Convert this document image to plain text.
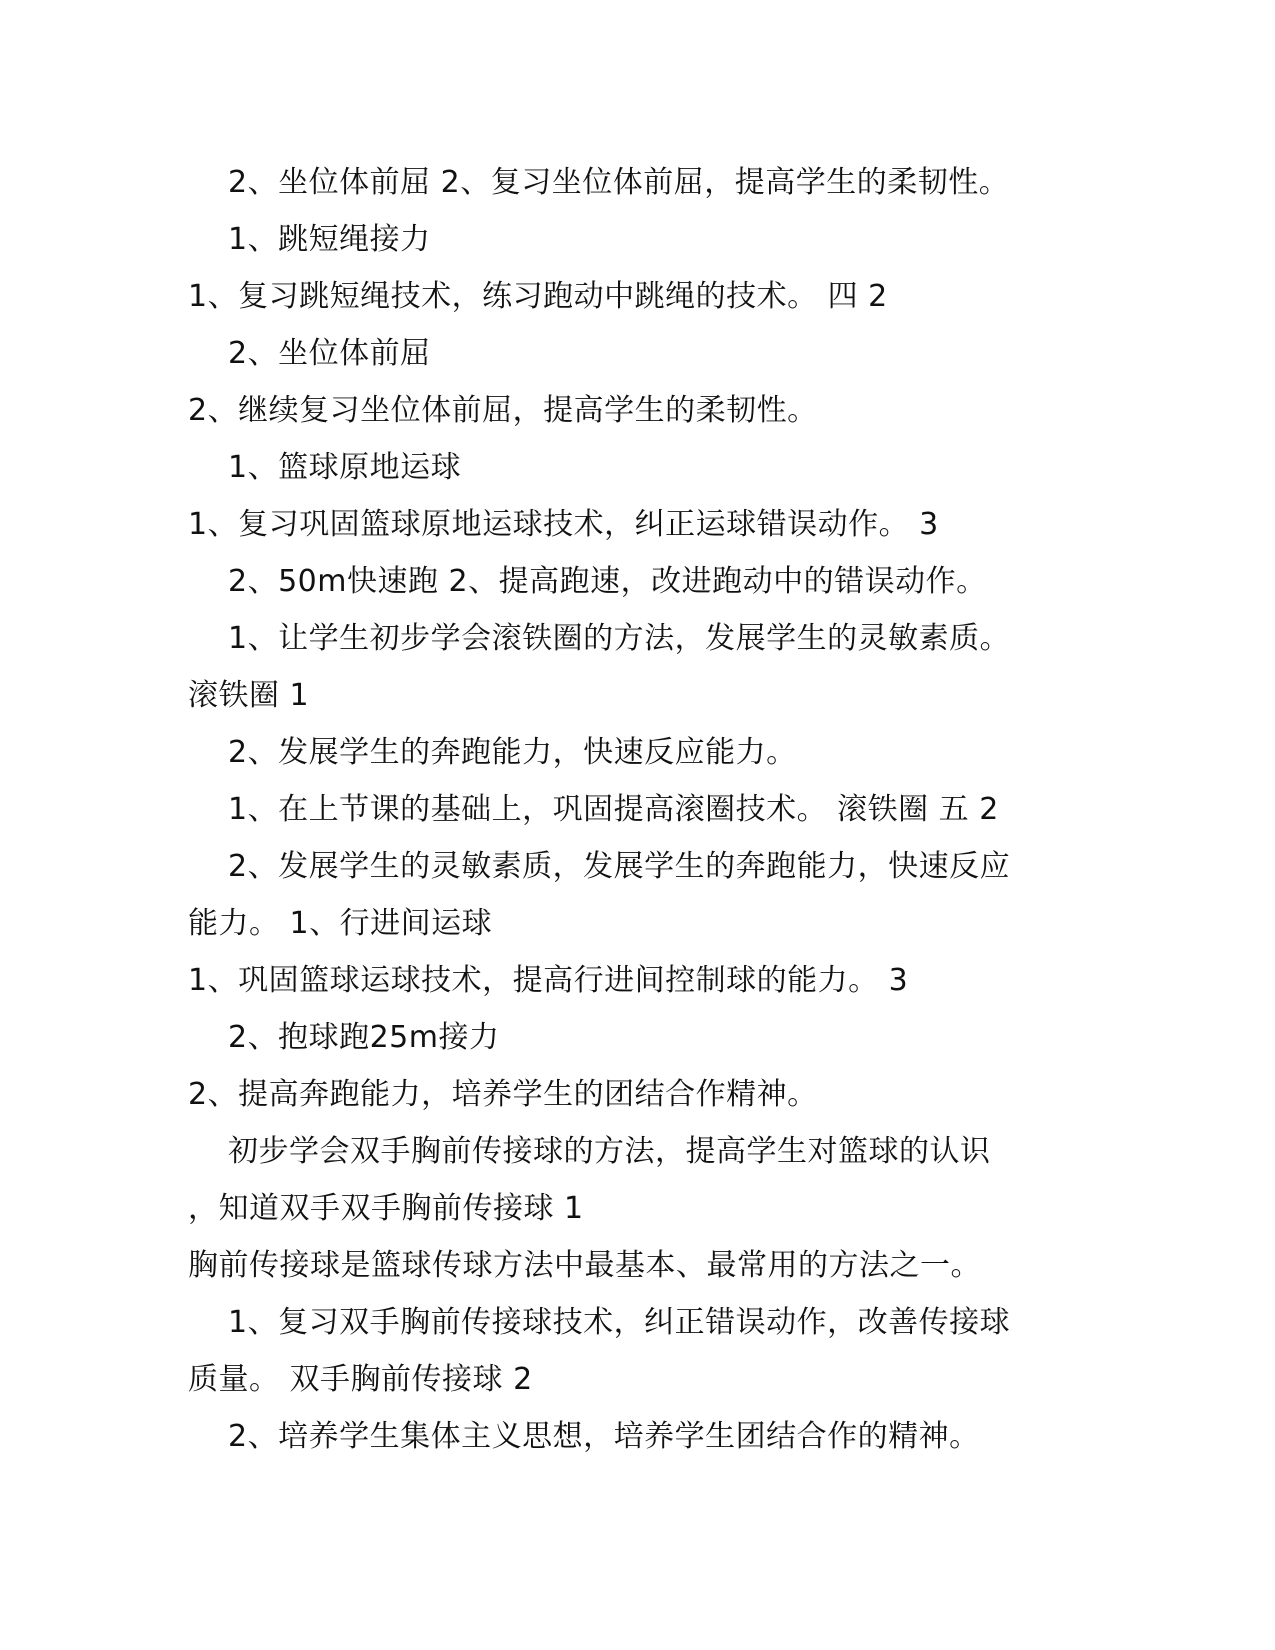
2、坐位体前屈 2、复习坐位体前屈，提高学生的柔韧性。
1、跳短绳接力
1、复习跳短绳技术，练习跑动中跳绳的技术。 四 2
2、坐位体前屈
2、继续复习坐位体前屈，提高学生的柔韧性。
1、篮球原地运球
1、复习巩固篮球原地运球技术，纠正运球错误动作。 3
2、50m快速跑 2、提高跑速，改进跑动中的错误动作。
1、让学生初步学会滚铁圈的方法，发展学生的灵敏素质。
滚铁圈 1
2、发展学生的奔跑能力，快速反应能力。
1、在上节课的基础上，巩固提高滚圈技术。 滚铁圈 五 2
2、发展学生的灵敏素质，发展学生的奔跑能力，快速反应
能力。 1、行进间运球
1、巩固篮球运球技术，提高行进间控制球的能力。 3
2、抱球跑25m接力
2、提高奔跑能力，培养学生的团结合作精神。
初步学会双手胸前传接球的方法，提高学生对篮球的认识
，知道双手双手胸前传接球 1
胸前传接球是篮球传球方法中最基本、最常用的方法之一。
1、复习双手胸前传接球技术，纠正错误动作，改善传接球
质量。 双手胸前传接球 2
2、培养学生集体主义思想，培养学生团结合作的精神。
